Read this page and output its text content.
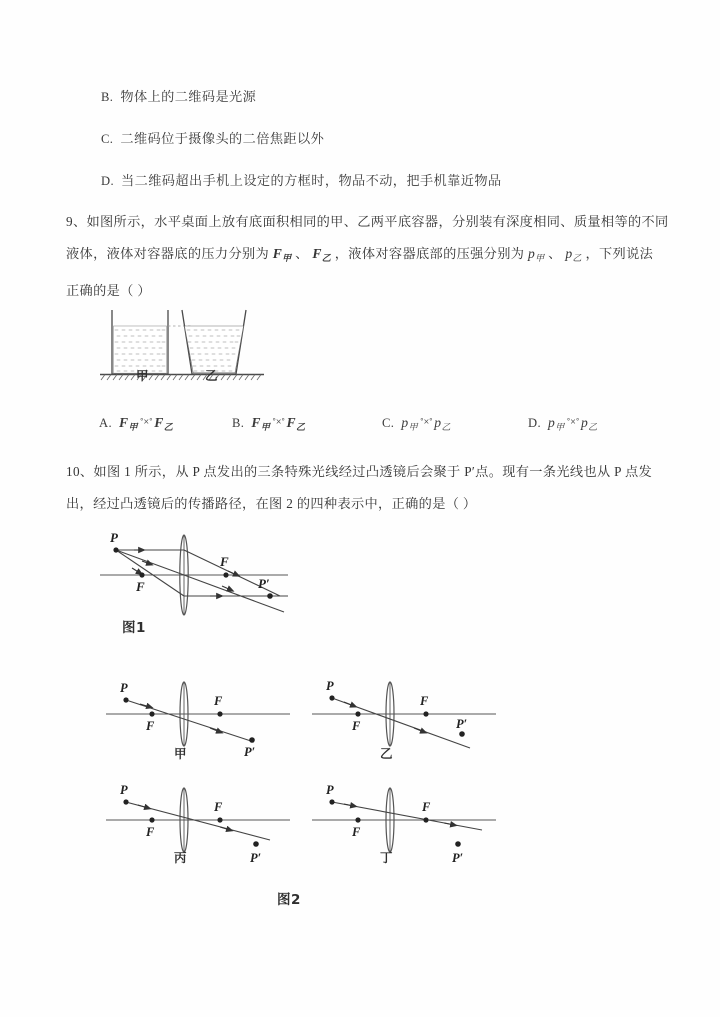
B. 物体上的二维码是光源
C. 二维码位于摄像头的二倍焦距以外
D. 当二维码超出手机上设定的方框时，物品不动，把手机靠近物品
9、如图所示，水平桌面上放有底面积相同的甲、乙两平底容器，分别装有深度相同、质量相等的不同
液体，液体对容器底的压力分别为 F甲 、 F乙 ，液体对容器底部的压强分别为 p甲 、 p乙 ，下列说法
正确的是（ ）
甲	乙
A. F甲°×° F乙	B. F甲°×° F乙	C. p甲°×° p乙	D. p甲°×° p乙
10、如图 1 所示，从 P 点发出的三条特殊光线经过凸透镜后会聚于 P′点。现有一条光线也从 P 点发
出，经过凸透镜后的传播路径，在图 2 的四种表示中，正确的是（ ）
P
F
F
P′
图1
P
F
F
P′
甲
P
F
F
P′
乙
P
F
F
P′
丙
P
F
F
P′
丁
图2
